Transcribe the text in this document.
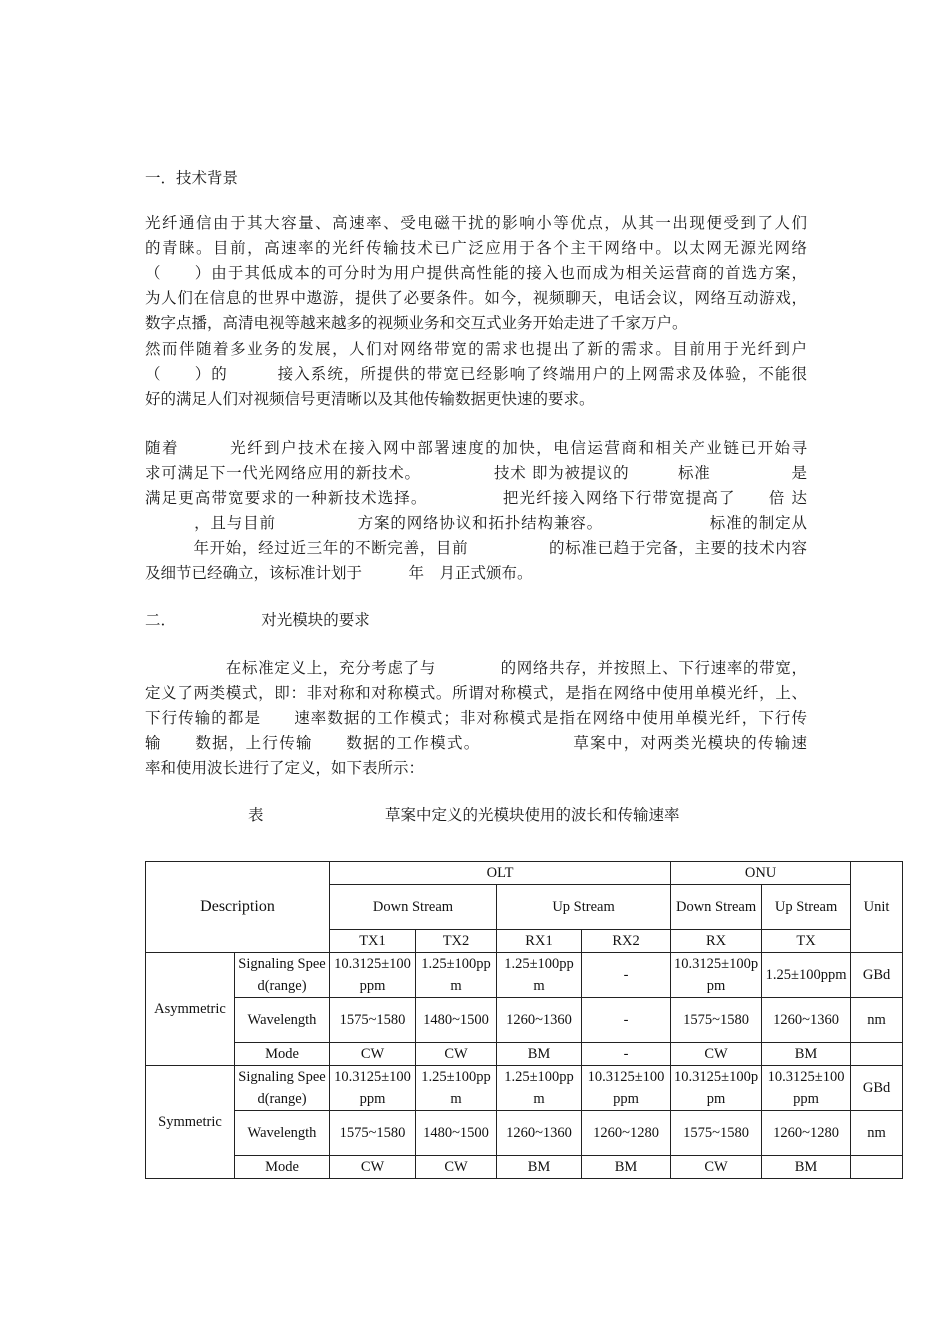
一．技术背景
光纤通信由于其大容量、高速率、受电磁干扰的影响小等优点，从其一出现便受到了人们
的青睐。目前，高速率的光纤传输技术已广泛应用于各个主干网络中。以太网无源光网络
（　　）由于其低成本的可分时为用户提供高性能的接入也而成为相关运营商的首选方案，
为人们在信息的世界中遨游，提供了必要条件。如今，视频聊天，电话会议，网络互动游戏，
数字点播，高清电视等越来越多的视频业务和交互式业务开始走进了千家万户。
然而伴随着多业务的发展，人们对网络带宽的需求也提出了新的需求。目前用于光纤到户
（　　）的　　　接入系统，所提供的带宽已经影响了终端用户的上网需求及体验，不能很
好的满足人们对视频信号更清晰以及其他传输数据更快速的要求。
随着　　　光纤到户技术在接入网中部署速度的加快，电信运营商和相关产业链已开始寻
求可满足下一代光网络应用的新技术。　　　　　技术 即为被提议的　　　标准　　　　　是
满足更高带宽要求的一种新技术选择。　　　　　把光纤接入网络下行带宽提高了　　倍 达
　　　，且与目前　　　　　方案的网络协议和拓扑结构兼容。　　　　　　　标准的制定从
　　　年开始，经过近三年的不断完善，目前　　　　　的标准已趋于完备，主要的技术内容
及细节已经确立，该标准计划于　　　年　月正式颁布。
二．　　　　　　对光模块的要求
　　　　　在标准定义上，充分考虑了与　　　　的网络共存，并按照上、下行速率的带宽，
定义了两类模式，即：非对称和对称模式。所谓对称模式，是指在网络中使用单模光纤，上、
下行传输的都是　　速率数据的工作模式；非对称模式是指在网络中使用单模光纤，下行传
输　　数据，上行传输　　数据的工作模式。　　　　　　草案中，对两类光模块的传输速
率和使用波长进行了定义，如下表所示：
表	草案中定义的光模块使用的波长和传输速率
Description		OLT				ONU		Unit
		Down Stream		Up Stream		Down Stream	Up Stream	
		TX1	TX2	RX1	RX2	RX	TX	
Asymmetric	Signaling Speed(range)	10.3125±100ppm	1.25±100ppm	1.25±100ppm	-	10.3125±100ppm	1.25±100ppm	GBd
	Wavelength	1575~1580	1480~1500	1260~1360	-	1575~1580	1260~1360	nm
	Mode	CW	CW	BM	-	CW	BM	
Symmetric	Signaling Speed(range)	10.3125±100ppm	1.25±100ppm	1.25±100ppm	10.3125±100ppm	10.3125±100ppm	10.3125±100ppm	GBd
	Wavelength	1575~1580	1480~1500	1260~1360	1260~1280	1575~1580	1260~1280	nm
	Mode	CW	CW	BM	BM	CW	BM	
